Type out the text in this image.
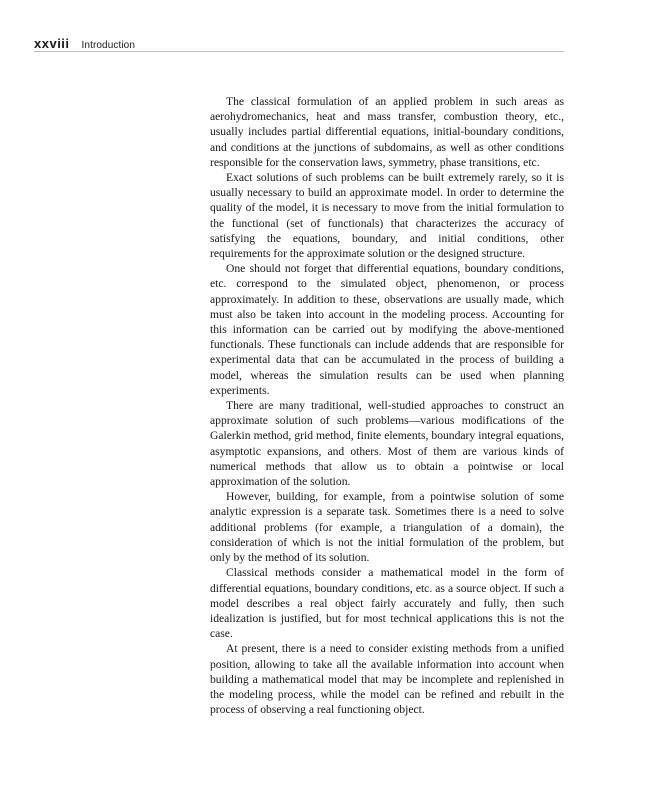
xxviii Introduction

The classical formulation of an applied problem in such areas as aerohydromechanics, heat and mass transfer, combustion theory, etc., usually includes partial differential equations, initial-boundary conditions, and conditions at the junctions of subdomains, as well as other conditions responsible for the conservation laws, symmetry, phase transitions, etc.

Exact solutions of such problems can be built extremely rarely, so it is usually necessary to build an approximate model. In order to determine the quality of the model, it is necessary to move from the initial formulation to the functional (set of functionals) that characterizes the accuracy of satisfying the equations, boundary, and initial conditions, other requirements for the approximate solution or the designed structure.

One should not forget that differential equations, boundary conditions, etc. correspond to the simulated object, phenomenon, or process approximately. In addition to these, observations are usually made, which must also be taken into account in the modeling process. Accounting for this information can be carried out by modifying the above-mentioned functionals. These functionals can include addends that are responsible for experimental data that can be accumulated in the process of building a model, whereas the simulation results can be used when planning experiments.

There are many traditional, well-studied approaches to construct an approximate solution of such problems—various modifications of the Galerkin method, grid method, finite elements, boundary integral equations, asymptotic expansions, and others. Most of them are various kinds of numerical methods that allow us to obtain a pointwise or local approximation of the solution.

However, building, for example, from a pointwise solution of some analytic expression is a separate task. Sometimes there is a need to solve additional problems (for example, a triangulation of a domain), the consideration of which is not the initial formulation of the problem, but only by the method of its solution.

Classical methods consider a mathematical model in the form of differential equations, boundary conditions, etc. as a source object. If such a model describes a real object fairly accurately and fully, then such idealization is justified, but for most technical applications this is not the case.

At present, there is a need to consider existing methods from a unified position, allowing to take all the available information into account when building a mathematical model that may be incomplete and replenished in the modeling process, while the model can be refined and rebuilt in the process of observing a real functioning object.
